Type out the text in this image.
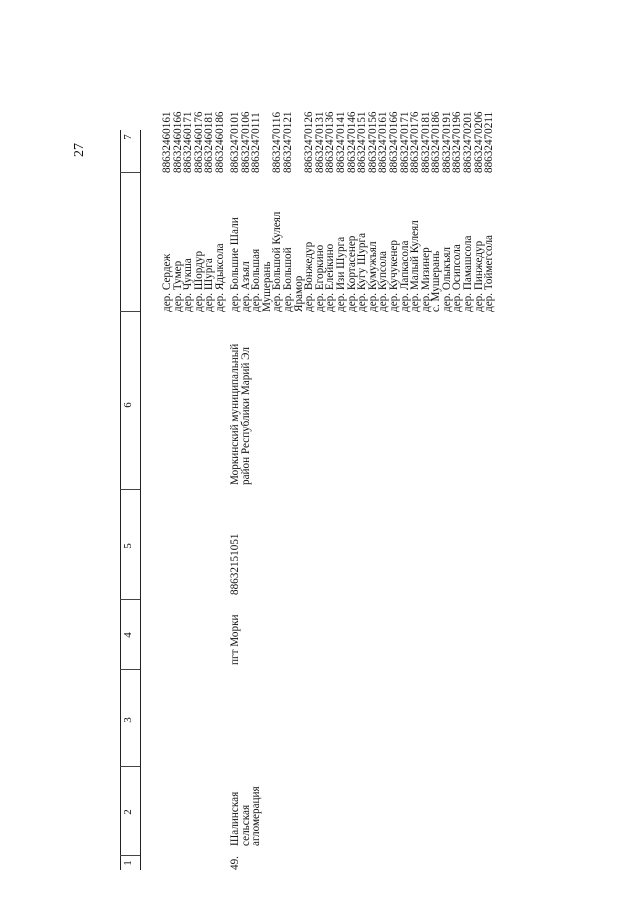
27
1
2
3
4
5
6
7
дер. Сердеж
дер. Тумер
дер. Чукша
дер. Шордур
дер. Шургa
дер. Ядыксола
88632460161
88632460166
88632460171
88632460176
88632460181
88632460186
49.
Шалинская
сельская
агломерация
пгт Морки
88632151051
Моркинский муниципальный
район Республики Марий Эл
дер. Большие Шали
дер. Азъял
дер. Большая
Мушерань
дер. Большой Кулеял
дер. Большой
Ярамор
дер. Вонжедур
дер. Егоркино
дер. Елейкино
дер. Изи Шургa
дер. Кортасенер
дер. Кугу Шургa
дер. Кумужъял
дер. Купсола
дер. Кучукенер
дер. Лапкасола
дер. Малый Кулеял
дер. Мизинер
с. Мушерань
дер. Олыкъял
дер. Осипсола
дер. Памашсола
дер. Пинжедур
дер. Тоймегсола
88632470101
88632470106
88632470111
88632470116
88632470121
88632470126
88632470131
88632470136
88632470141
88632470146
88632470151
88632470156
88632470161
88632470166
88632470171
88632470176
88632470181
88632470186
88632470191
88632470196
88632470201
88632470206
88632470211
